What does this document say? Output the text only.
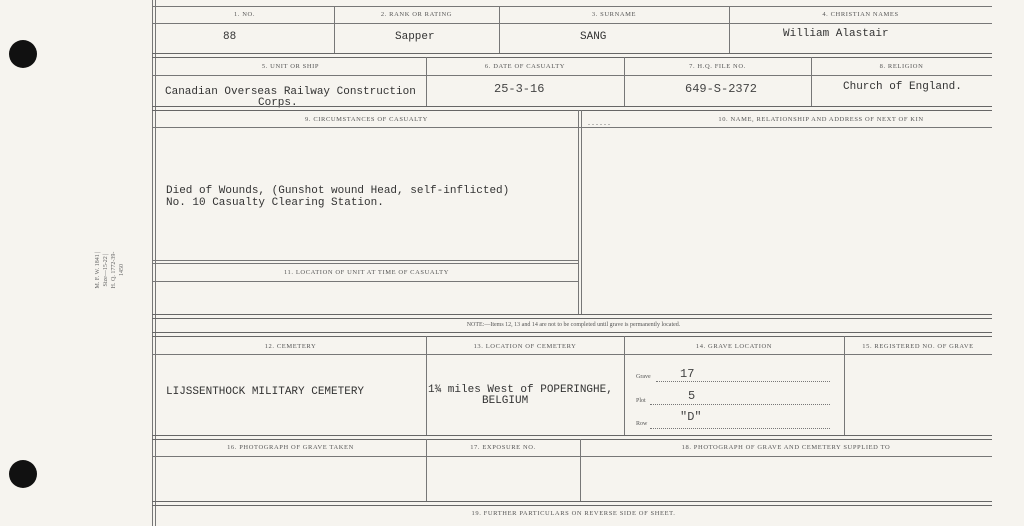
M. F. W. 1841 | Size—15-22 | H. Q. 1772-39-1450
1. NO.	2. RANK OR RATING	3. SURNAME	4. CHRISTIAN NAMES
88	Sapper	SANG	William Alastair
5. UNIT OR SHIP	6. DATE OF CASUALTY	7. H.Q. FILE NO.	8. RELIGION
Canadian Overseas Railway Construction
Corps.
25-3-16	649-S-2372	Church of England.
9. CIRCUMSTANCES OF CASUALTY	. . . . . .	10. NAME, RELATIONSHIP AND ADDRESS OF NEXT OF KIN
Died of Wounds, (Gunshot wound Head, self-inflicted)
No. 10 Casualty Clearing Station.
11. LOCATION OF UNIT AT TIME OF CASUALTY
NOTE:—Items 12, 13 and 14 are not to be completed until grave is permanently located.
12. CEMETERY	13. LOCATION OF CEMETERY	14. GRAVE LOCATION	15. REGISTERED NO. OF GRAVE
LIJSSENTHOCK MILITARY CEMETERY	1¾ miles West of POPERINGHE,
BELGIUM
Grave 17
Plot	5
Row	"D"
16. PHOTOGRAPH OF GRAVE TAKEN	17. EXPOSURE NO.	18. PHOTOGRAPH OF GRAVE AND CEMETERY SUPPLIED TO
19. FURTHER PARTICULARS ON REVERSE SIDE OF SHEET.
